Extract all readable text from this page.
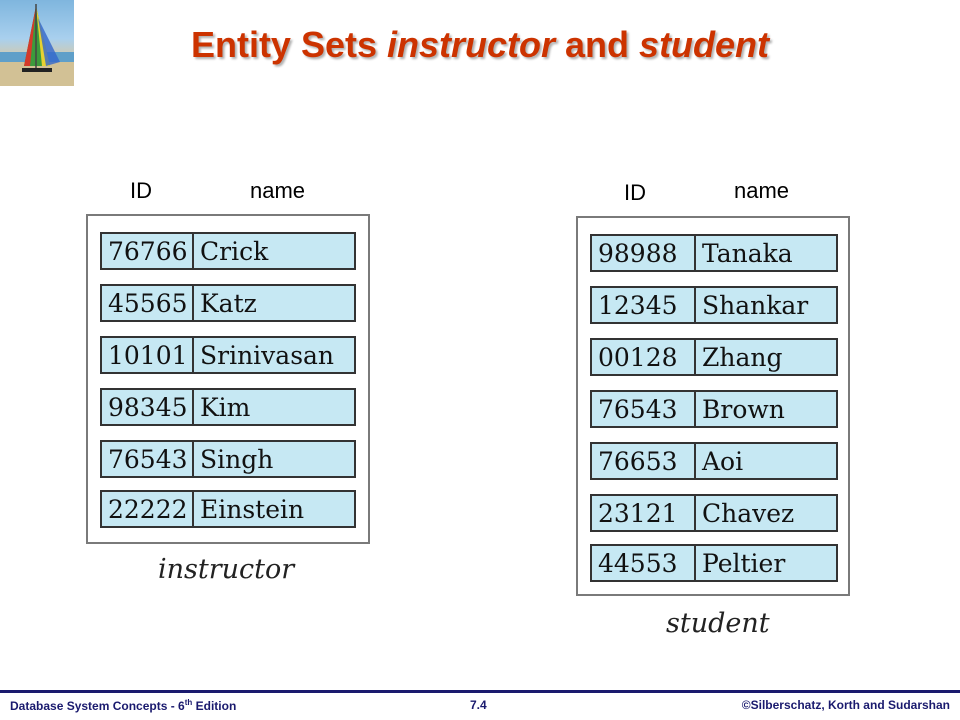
Entity Sets instructor and student
ID	name
76766 Crick
45565 Katz
10101 Srinivasan
98345 Kim
76543 Singh
22222 Einstein
instructor
ID	name
98988 Tanaka
12345 Shankar
00128 Zhang
76543 Brown
76653 Aoi
23121 Chavez
44553 Peltier
student
Database System Concepts - 6th Edition	7.4	©Silberschatz, Korth and Sudarshan
